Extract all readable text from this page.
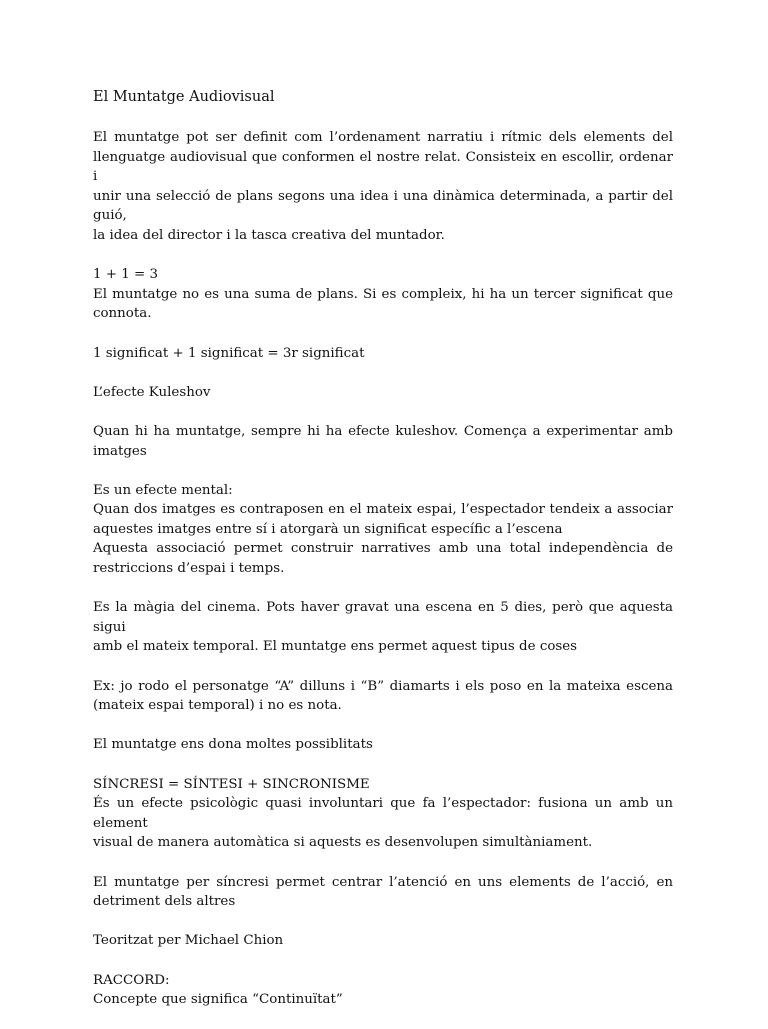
El Muntatge Audiovisual
El muntatge pot ser definit com l’ordenament narratiu i rítmic dels elements del
llenguatge audiovisual que conformen el nostre relat. Consisteix en escollir, ordenar i
unir una selecció de plans segons una idea i una dinàmica determinada, a partir del guió,
la idea del director i la tasca creativa del muntador.
1 + 1 = 3
El muntatge no es una suma de plans. Si es compleix, hi ha un tercer significat que
connota.
1 significat + 1 significat = 3r significat
L’efecte Kuleshov
Quan hi ha muntatge, sempre hi ha efecte kuleshov. Comença a experimentar amb
imatges
Es un efecte mental:
Quan dos imatges es contraposen en el mateix espai, l’espectador tendeix a associar
aquestes imatges entre sí i atorgarà un significat específic a l’escena
Aquesta associació permet construir narratives amb una total independència de
restriccions d’espai i temps.
Es la màgia del cinema. Pots haver gravat una escena en 5 dies, però que aquesta sigui
amb el mateix temporal. El muntatge ens permet aquest tipus de coses
Ex: jo rodo el personatge “A” dilluns i “B” diamarts i els poso en la mateixa escena
(mateix espai temporal) i no es nota.
El muntatge ens dona moltes possiblitats
SÍNCRESI = SÍNTESI + SINCRONISME
És un efecte psicològic quasi involuntari que fa l’espectador: fusiona un amb un element
visual de manera automàtica si aquests es desenvolupen simultàniament.
El muntatge per síncresi permet centrar l’atenció en uns elements de l’acció, en
detriment dels altres
Teoritzat per Michael Chion
RACCORD:
Concepte que significa “Continuïtat”
